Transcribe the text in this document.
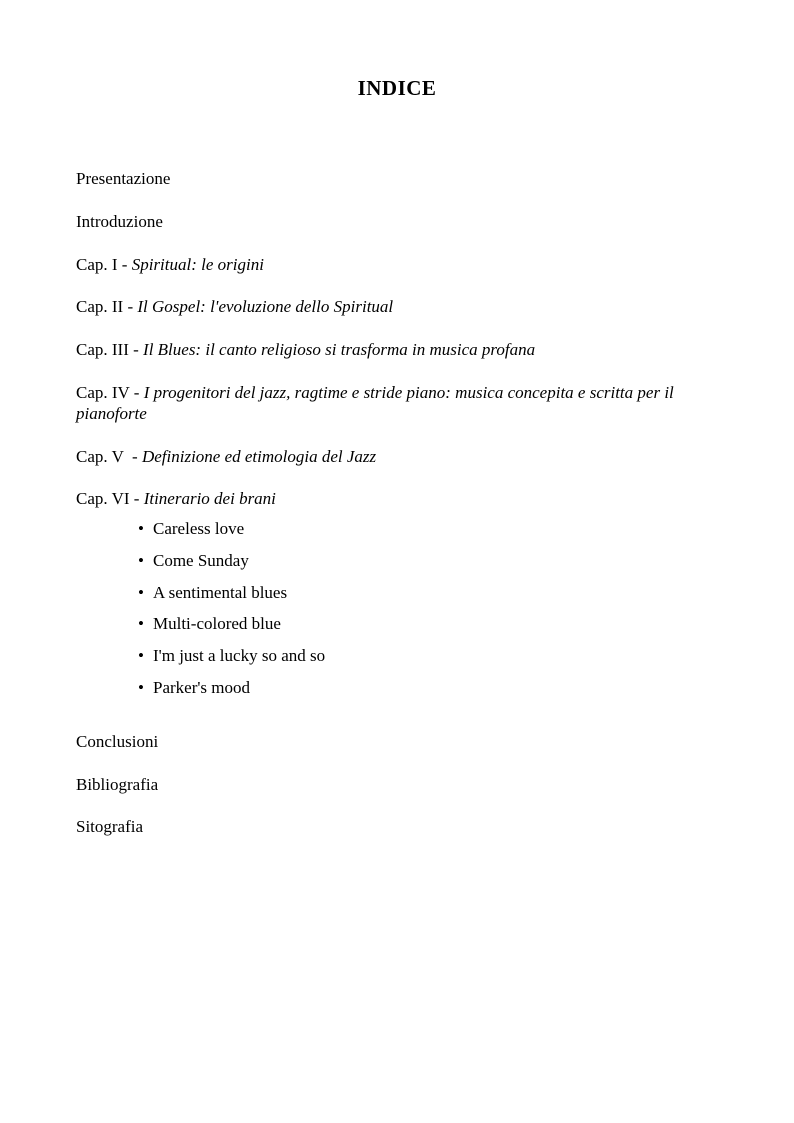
INDICE

Presentazione

Introduzione

Cap. I - Spiritual: le origini

Cap. II - Il Gospel: l'evoluzione dello Spiritual

Cap. III - Il Blues: il canto religioso si trasforma in musica profana

Cap. IV - I progenitori del jazz, ragtime e stride piano: musica concepita e scritta per il pianoforte

Cap. V  - Definizione ed etimologia del Jazz

Cap. VI - Itinerario dei brani

• Careless love
• Come Sunday
• A sentimental blues
• Multi-colored blue
• I'm just a lucky so and so
• Parker's mood

Conclusioni

Bibliografia

Sitografia
